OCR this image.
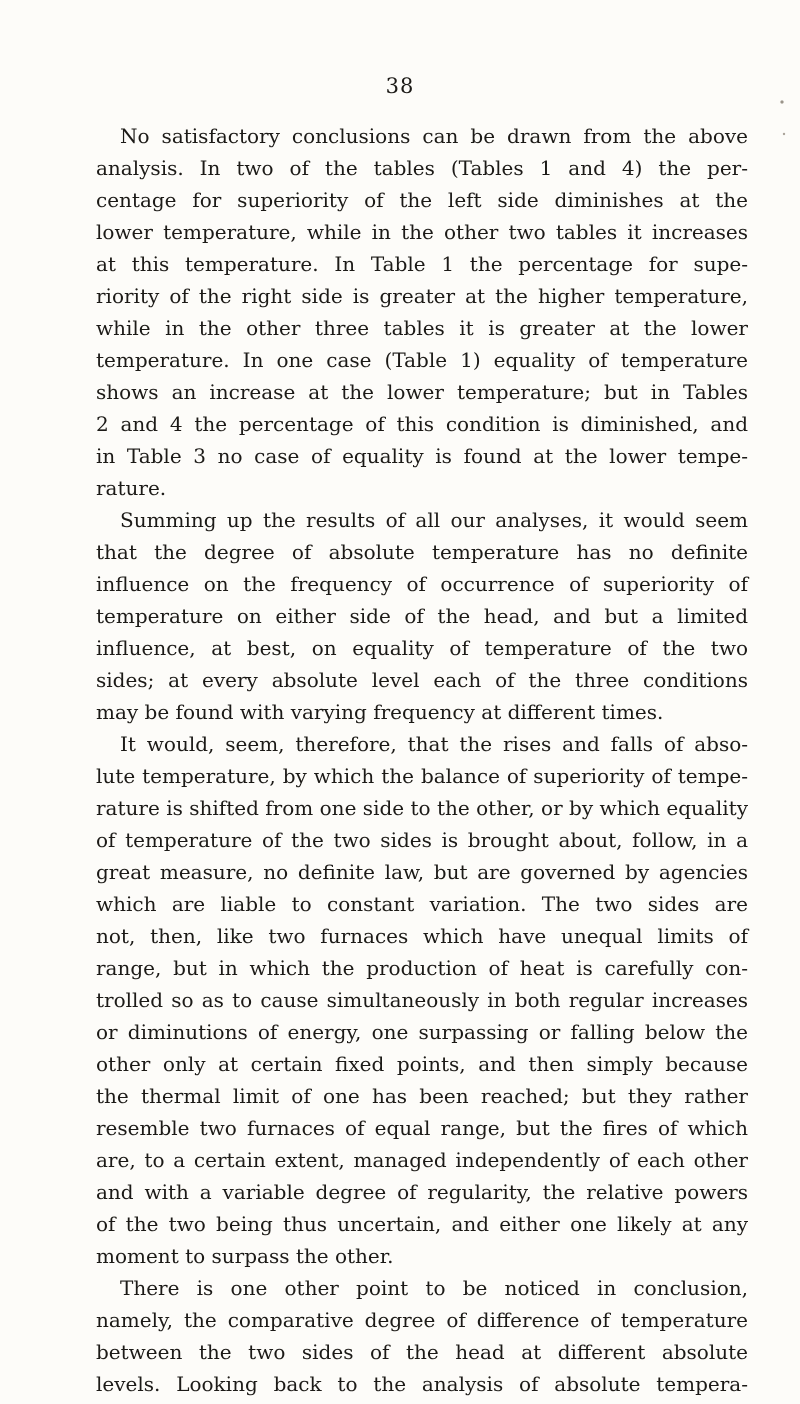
38
No satisfactory conclusions can be drawn from the above
analysis. In two of the tables (Tables 1 and 4) the per-
centage for superiority of the left side diminishes at the
lower temperature, while in the other two tables it increases
at this temperature. In Table 1 the percentage for supe-
riority of the right side is greater at the higher temperature,
while in the other three tables it is greater at the lower
temperature. In one case (Table 1) equality of temperature
shows an increase at the lower temperature; but in Tables
2 and 4 the percentage of this condition is diminished, and
in Table 3 no case of equality is found at the lower tempe-
rature.
Summing up the results of all our analyses, it would seem
that the degree of absolute temperature has no definite
influence on the frequency of occurrence of superiority of
temperature on either side of the head, and but a limited
influence, at best, on equality of temperature of the two
sides; at every absolute level each of the three conditions
may be found with varying frequency at different times.
It would, seem, therefore, that the rises and falls of abso-
lute temperature, by which the balance of superiority of tempe-
rature is shifted from one side to the other, or by which equality
of temperature of the two sides is brought about, follow, in a
great measure, no definite law, but are governed by agencies
which are liable to constant variation. The two sides are
not, then, like two furnaces which have unequal limits of
range, but in which the production of heat is carefully con-
trolled so as to cause simultaneously in both regular increases
or diminutions of energy, one surpassing or falling below the
other only at certain fixed points, and then simply because
the thermal limit of one has been reached; but they rather
resemble two furnaces of equal range, but the fires of which
are, to a certain extent, managed independently of each other
and with a variable degree of regularity, the relative powers
of the two being thus uncertain, and either one likely at any
moment to surpass the other.
There is one other point to be noticed in conclusion,
namely, the comparative degree of difference of temperature
between the two sides of the head at different absolute
levels. Looking back to the analysis of absolute tempera-
